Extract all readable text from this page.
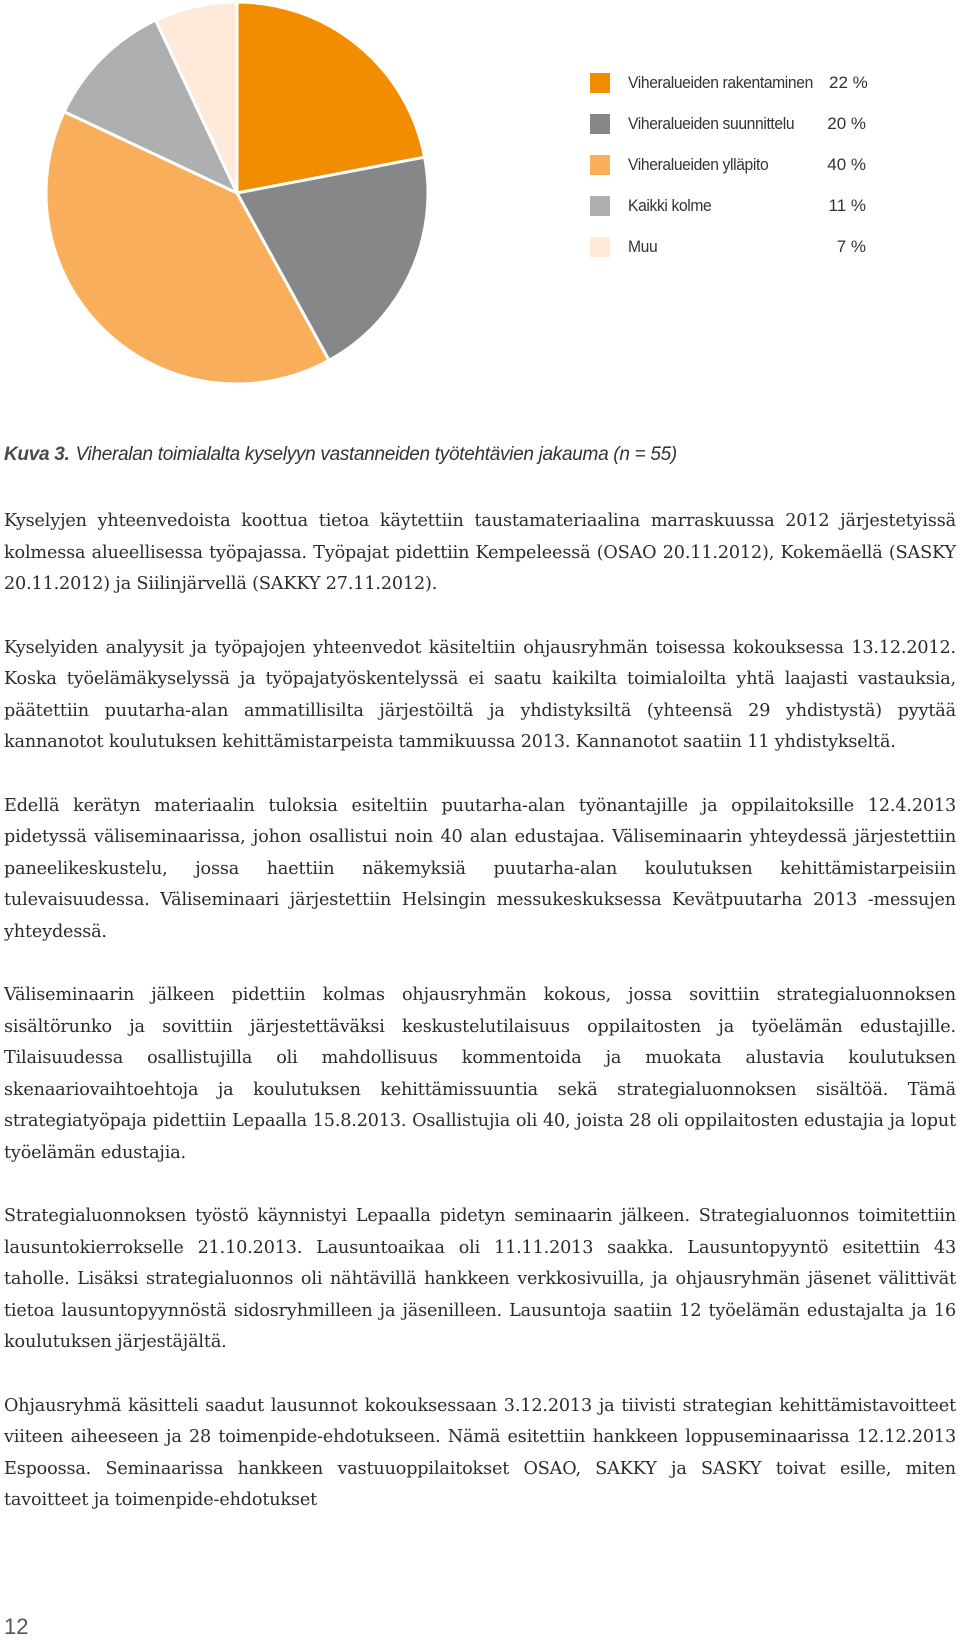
Viheralueiden rakentaminen 22 %
Viheralueiden suunnittelu	20 %
Viheralueiden ylläpito	40 %
Kaikki kolme	11 %
Muu	7 %
Kuva 3. Viheralan toimialalta kyselyyn vastanneiden työtehtävien jakauma (n = 55)

Kyselyjen yhteenvedoista koottua tietoa käytettiin taustamateriaalina marraskuussa 2012 järjestetyissä kolmessa alueellisessa työpajassa. Työpajat pidettiin Kempeleessä (OSAO 20.11.2012), Kokemäellä (SASKY 20.11.2012) ja Siilinjärvellä (SAKKY 27.11.2012).

Kyselyiden analyysit ja työpajojen yhteenvedot käsiteltiin ohjausryhmän toisessa kokouksessa 13.12.2012. Koska työelämäkyselyssä ja työpajatyöskentelyssä ei saatu kaikilta toimialoilta yhtä laajasti vastauksia, päätettiin puutarha-alan ammatillisilta järjestöiltä ja yhdistyksiltä (yhteensä 29 yhdistystä) pyytää kannanotot koulutuksen kehittämistarpeista tammikuussa 2013. Kannanotot saatiin 11 yhdistykseltä.

Edellä kerätyn materiaalin tuloksia esiteltiin puutarha-alan työnantajille ja oppilaitoksille 12.4.2013 pidetyssä väliseminaarissa, johon osallistui noin 40 alan edustajaa. Väliseminaarin yhteydessä järjestettiin paneelikeskustelu, jossa haettiin näkemyksiä puutarha-alan koulutuksen kehittämistarpeisiin tulevaisuudessa. Väliseminaari järjestettiin Helsingin messukeskuksessa Kevätpuutarha 2013 -messujen yhteydessä.

Väliseminaarin jälkeen pidettiin kolmas ohjausryhmän kokous, jossa sovittiin strategialuonnoksen sisältörunko ja sovittiin järjestettäväksi keskustelutilaisuus oppilaitosten ja työelämän edustajille. Tilaisuudessa osallistujilla oli mahdollisuus kommentoida ja muokata alustavia koulutuksen skenaariovaihtoehtoja ja koulutuksen kehittämissuuntia sekä strategialuonnoksen sisältöä. Tämä strategiatyöpaja pidettiin Lepaalla 15.8.2013. Osallistujia oli 40, joista 28 oli oppilaitosten edustajia ja loput työelämän edustajia.

Strategialuonnoksen työstö käynnistyi Lepaalla pidetyn seminaarin jälkeen. Strategialuonnos toimitettiin lausuntokierrokselle 21.10.2013. Lausuntoaikaa oli 11.11.2013 saakka. Lausuntopyyntö esitettiin 43 taholle. Lisäksi strategialuonnos oli nähtävillä hankkeen verkkosivuilla, ja ohjausryhmän jäsenet välittivät tietoa lausuntopyynnöstä sidosryhmilleen ja jäsenilleen. Lausuntoja saatiin 12 työelämän edustajalta ja 16 koulutuksen järjestäjältä.

Ohjausryhmä käsitteli saadut lausunnot kokouksessaan 3.12.2013 ja tiivisti strategian kehittämistavoitteet viiteen aiheeseen ja 28 toimenpide-ehdotukseen. Nämä esitettiin hankkeen loppuseminaarissa 12.12.2013 Espoossa. Seminaarissa hankkeen vastuuoppilaitokset OSAO, SAKKY ja SASKY toivat esille, miten tavoitteet ja toimenpide-ehdotukset

12
